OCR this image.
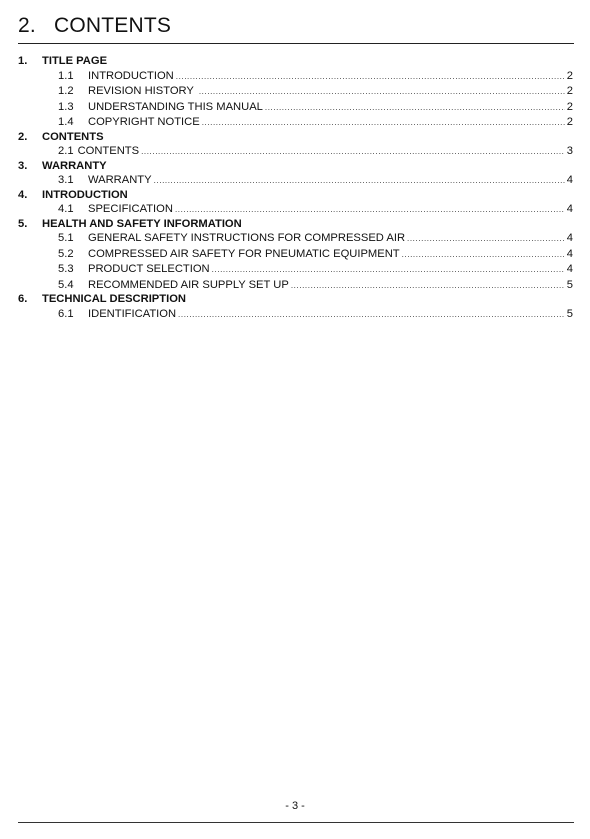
2.   CONTENTS
1.	TITLE PAGE
1.1	INTRODUCTION .....	2
1.2	REVISION HISTORY .....	2
1.3	UNDERSTANDING THIS MANUAL .....	2
1.4	COPYRIGHT NOTICE .....	2
2.	CONTENTS
2.1 CONTENTS .....	3
3.	WARRANTY
3.1	WARRANTY .....	4
4.	INTRODUCTION
4.1	SPECIFICATION .....	4
5.	HEALTH AND SAFETY INFORMATION
5.1	GENERAL SAFETY INSTRUCTIONS FOR COMPRESSED AIR .....	4
5.2	COMPRESSED AIR SAFETY FOR PNEUMATIC EQUIPMENT .....	4
5.3	PRODUCT SELECTION .....	4
5.4	RECOMMENDED AIR SUPPLY SET UP .....	5
6.	TECHNICAL DESCRIPTION
6.1	IDENTIFICATION .....	5
- 3 -
